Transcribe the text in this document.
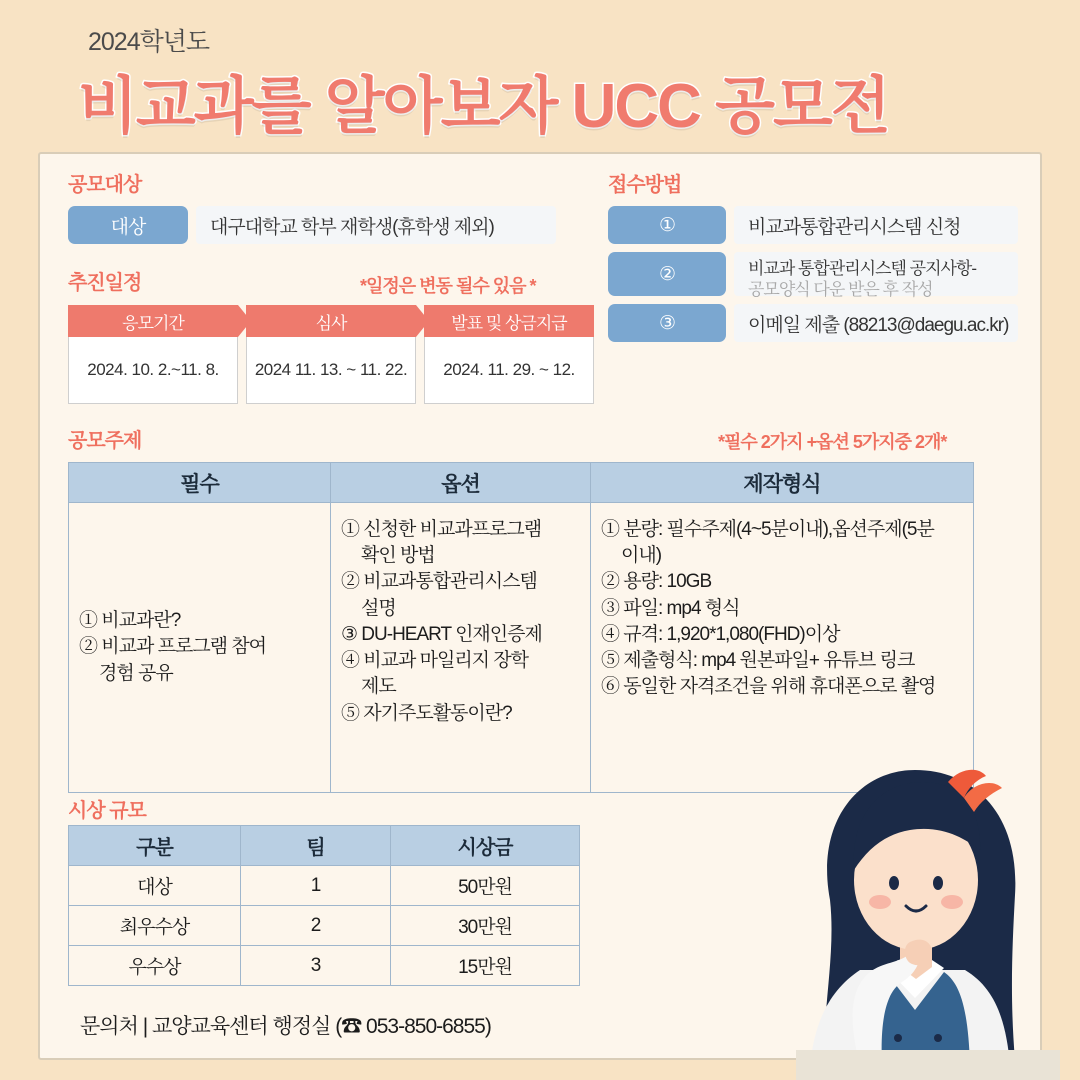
2024학년도
비교과를 알아보자 UCC 공모전
공모대상
대상	대구대학교 학부 재학생(휴학생 제외)
접수방법
①	비교과통합관리시스템 신청
②	비교과 통합관리시스템 공지사항-
공모양식 다운 받은 후 작성
③	이메일 제출 (88213@daegu.ac.kr)
추진일정	*일정은 변동 될수 있음 *
공모주제	*필수 2가지 +옵션 5가지중 2개*
시상 규모
응모기간
2024. 10. 2.~11. 8.
심사
2024 11. 13. ~ 11. 22.
발표 및 상금지급
2024. 11. 29. ~ 12.
필수	옵션	제작형식

① 비교과란?
② 비교과 프로그램 참여
경험 공유

① 신청한 비교과프로그램
확인 방법
② 비교과통합관리시스템
설명
③ DU-HEART 인재인증제
④ 비교과 마일리지 장학
제도
⑤ 자기주도활동이란?

① 분량: 필수주제(4~5분이내),옵션주제(5분
이내)
② 용량: 10GB
③ 파일: mp4 형식
④ 규격: 1,920*1,080(FHD)이상
⑤ 제출형식: mp4 원본파일+ 유튜브 링크
⑥ 동일한 자격조건을 위해 휴대폰으로 촬영
구분	팀	시상금
대상	1	50만원
최우수상	2	30만원
우수상	3	15만원
문의처 | 교양교육센터 행정실 (☎ 053-850-6855)
